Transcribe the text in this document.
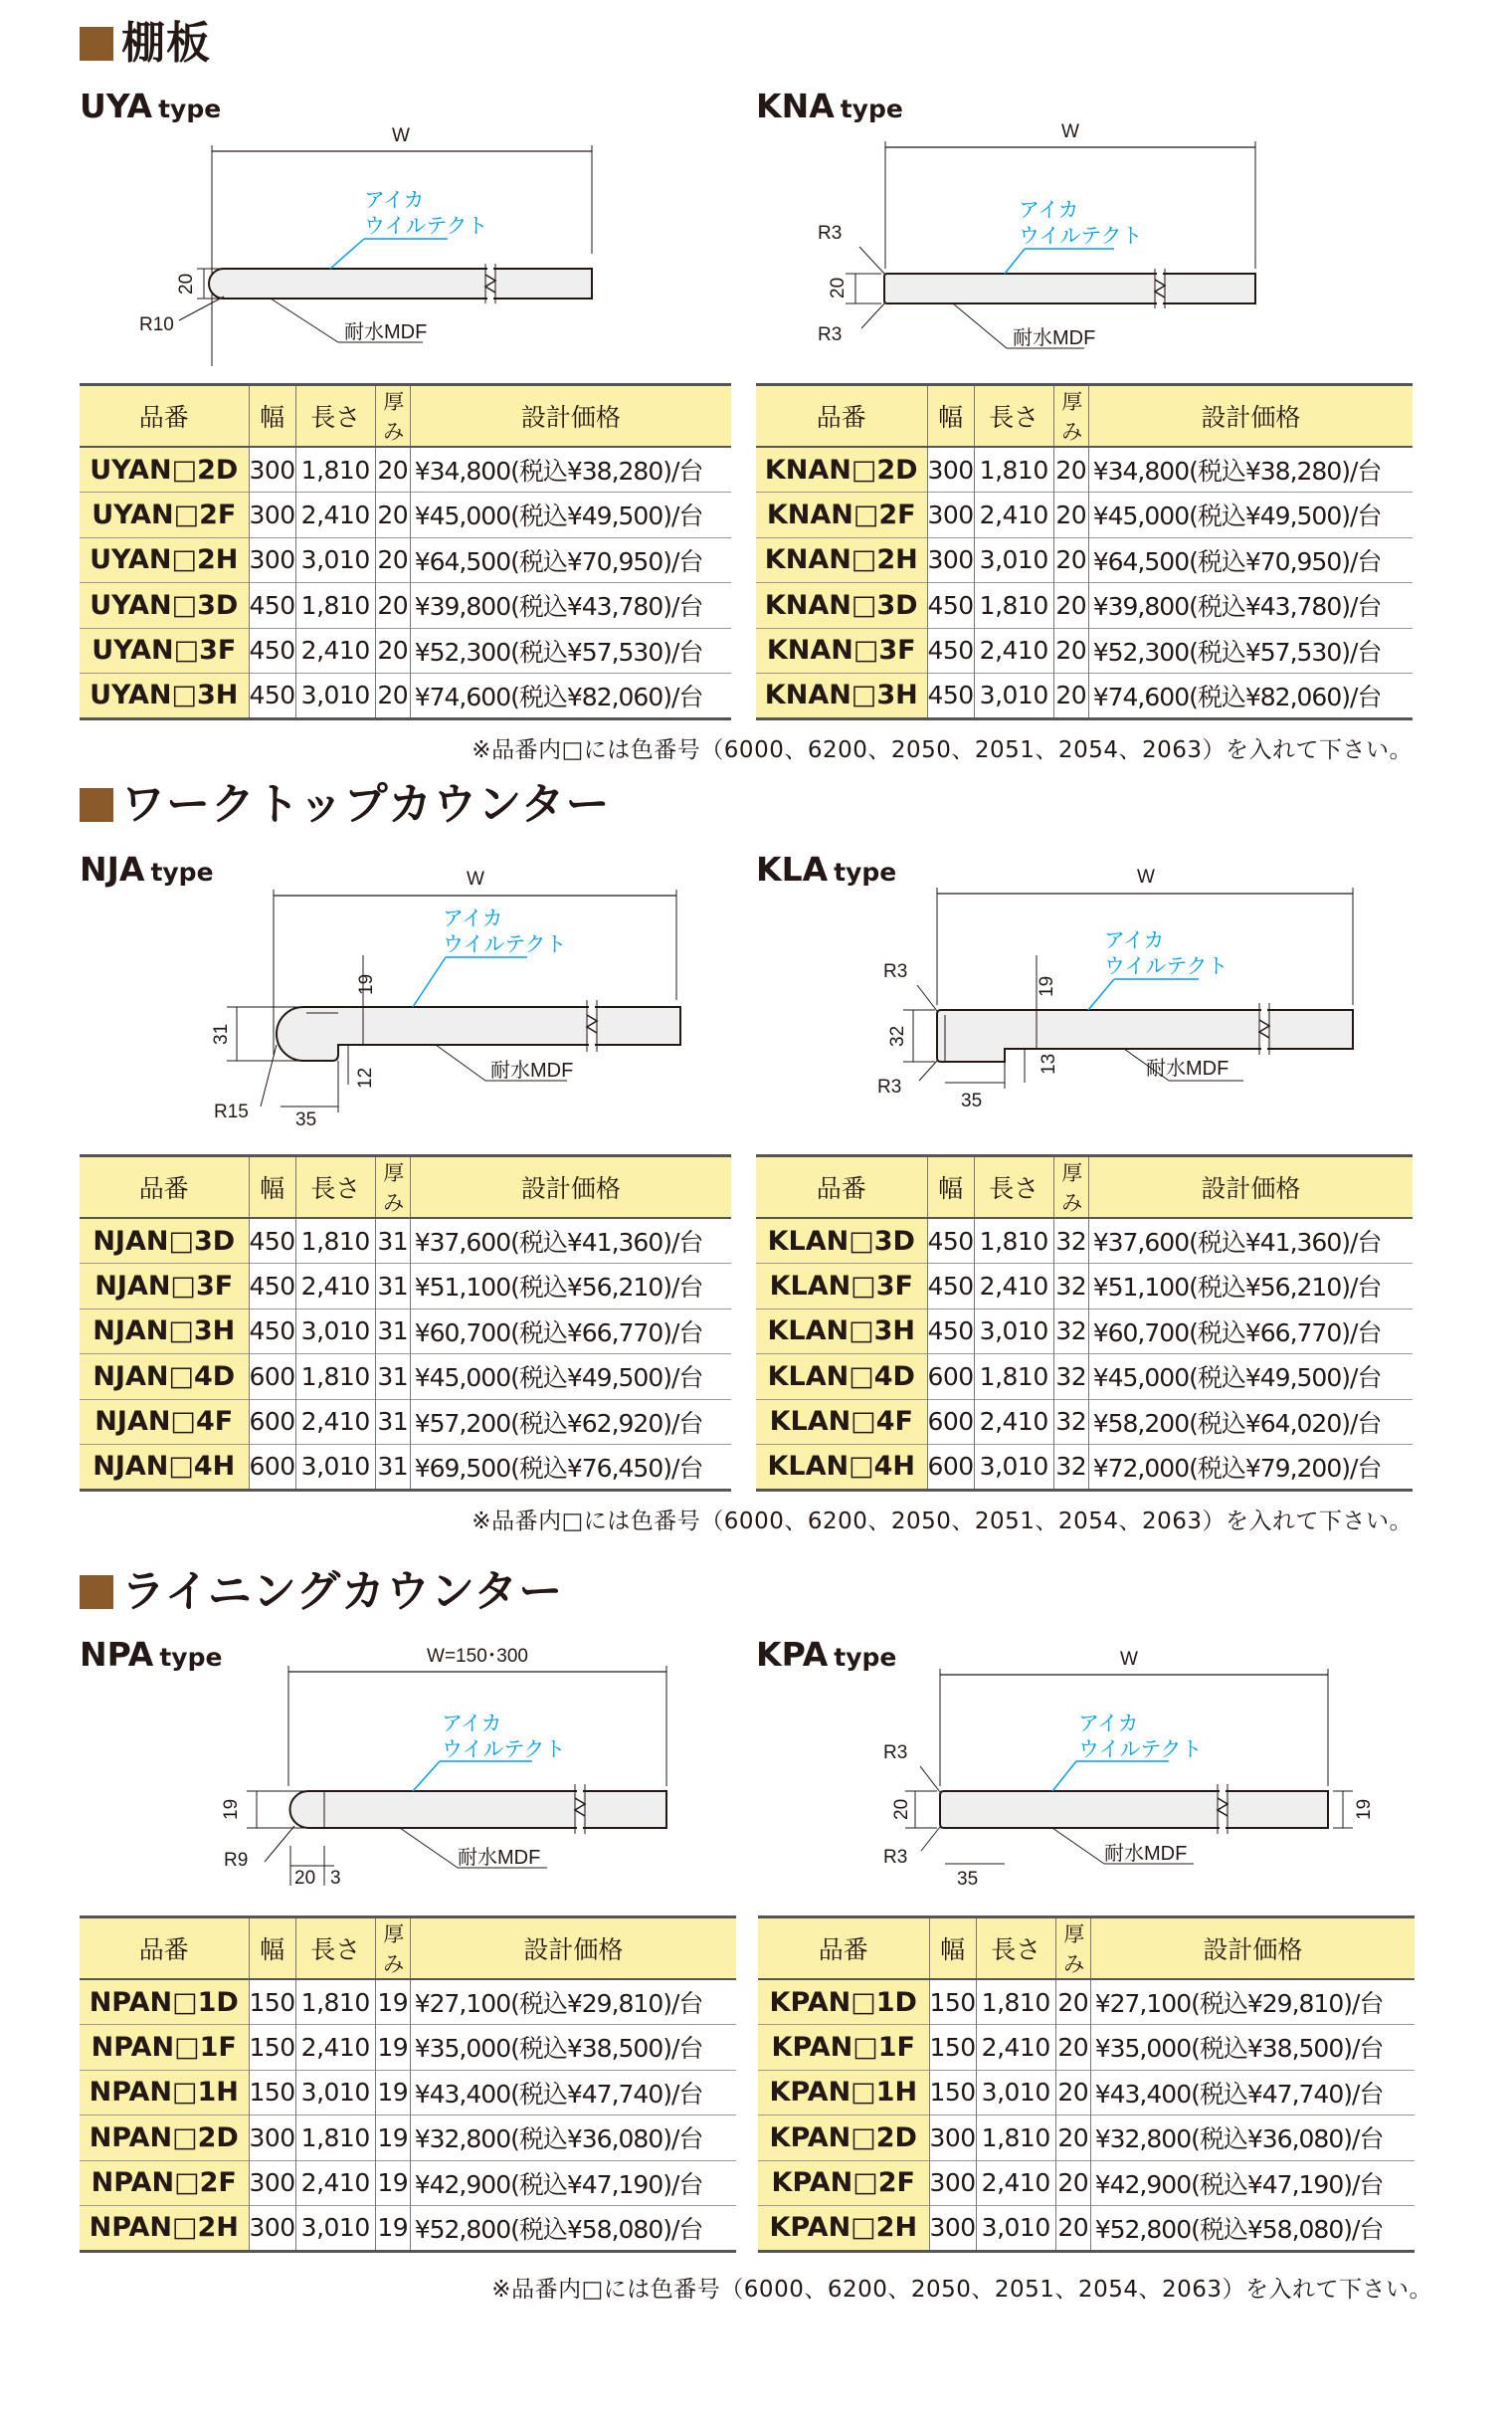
棚板
UYA type	KNA type
W
アイカ
ウイルテクト
20
R10	耐水MDF
W
アイカ
ウイルテクト
20
R3
R3	耐水MDF
品番	幅	長さ	厚み	設計価格
UYAN□2D	300	1,810	20	¥34,800(税込¥38,280)/台
UYAN□2F	300	2,410	20	¥45,000(税込¥49,500)/台
UYAN□2H	300	3,010	20	¥64,500(税込¥70,950)/台
UYAN□3D	450	1,810	20	¥39,800(税込¥43,780)/台
UYAN□3F	450	2,410	20	¥52,300(税込¥57,530)/台
UYAN□3H	450	3,010	20	¥74,600(税込¥82,060)/台
品番	幅	長さ	厚み	設計価格
KNAN□2D	300	1,810	20	¥34,800(税込¥38,280)/台
KNAN□2F	300	2,410	20	¥45,000(税込¥49,500)/台
KNAN□2H	300	3,010	20	¥64,500(税込¥70,950)/台
KNAN□3D	450	1,810	20	¥39,800(税込¥43,780)/台
KNAN□3F	450	2,410	20	¥52,300(税込¥57,530)/台
KNAN□3H	450	3,010	20	¥74,600(税込¥82,060)/台
※品番内□には色番号（6000、6200、2050、2051、2054、2063）を入れて下さい。
ワークトップカウンター
NJA type	KLA type
W
アイカ
ウイルテクト
31
19
12
R15 35
耐水MDF
W
アイカ
ウイルテクト
32
R3
R3
19
13
35
耐水MDF
品番	幅	長さ	厚み	設計価格
NJAN□3D	450	1,810	31	¥37,600(税込¥41,360)/台
NJAN□3F	450	2,410	31	¥51,100(税込¥56,210)/台
NJAN□3H	450	3,010	31	¥60,700(税込¥66,770)/台
NJAN□4D	600	1,810	31	¥45,000(税込¥49,500)/台
NJAN□4F	600	2,410	31	¥57,200(税込¥62,920)/台
NJAN□4H	600	3,010	31	¥69,500(税込¥76,450)/台
品番	幅	長さ	厚み	設計価格
KLAN□3D	450	1,810	32	¥37,600(税込¥41,360)/台
KLAN□3F	450	2,410	32	¥51,100(税込¥56,210)/台
KLAN□3H	450	3,010	32	¥60,700(税込¥66,770)/台
KLAN□4D	600	1,810	32	¥45,000(税込¥49,500)/台
KLAN□4F	600	2,410	32	¥58,200(税込¥64,020)/台
KLAN□4H	600	3,010	32	¥72,000(税込¥79,200)/台
※品番内□には色番号（6000、6200、2050、2051、2054、2063）を入れて下さい。
ライニングカウンター
NPA type	KPA type
W=150･300
アイカ
ウイルテクト
19
R9
20 3
耐水MDF
W
アイカ
ウイルテクト
20	19
R3
R3
35
耐水MDF
品番	幅	長さ	厚み	設計価格
NPAN□1D	150	1,810	19	¥27,100(税込¥29,810)/台
NPAN□1F	150	2,410	19	¥35,000(税込¥38,500)/台
NPAN□1H	150	3,010	19	¥43,400(税込¥47,740)/台
NPAN□2D	300	1,810	19	¥32,800(税込¥36,080)/台
NPAN□2F	300	2,410	19	¥42,900(税込¥47,190)/台
NPAN□2H	300	3,010	19	¥52,800(税込¥58,080)/台
品番	幅	長さ	厚み	設計価格
KPAN□1D	150	1,810	20	¥27,100(税込¥29,810)/台
KPAN□1F	150	2,410	20	¥35,000(税込¥38,500)/台
KPAN□1H	150	3,010	20	¥43,400(税込¥47,740)/台
KPAN□2D	300	1,810	20	¥32,800(税込¥36,080)/台
KPAN□2F	300	2,410	20	¥42,900(税込¥47,190)/台
KPAN□2H	300	3,010	20	¥52,800(税込¥58,080)/台
※品番内□には色番号（6000、6200、2050、2051、2054、2063）を入れて下さい。
